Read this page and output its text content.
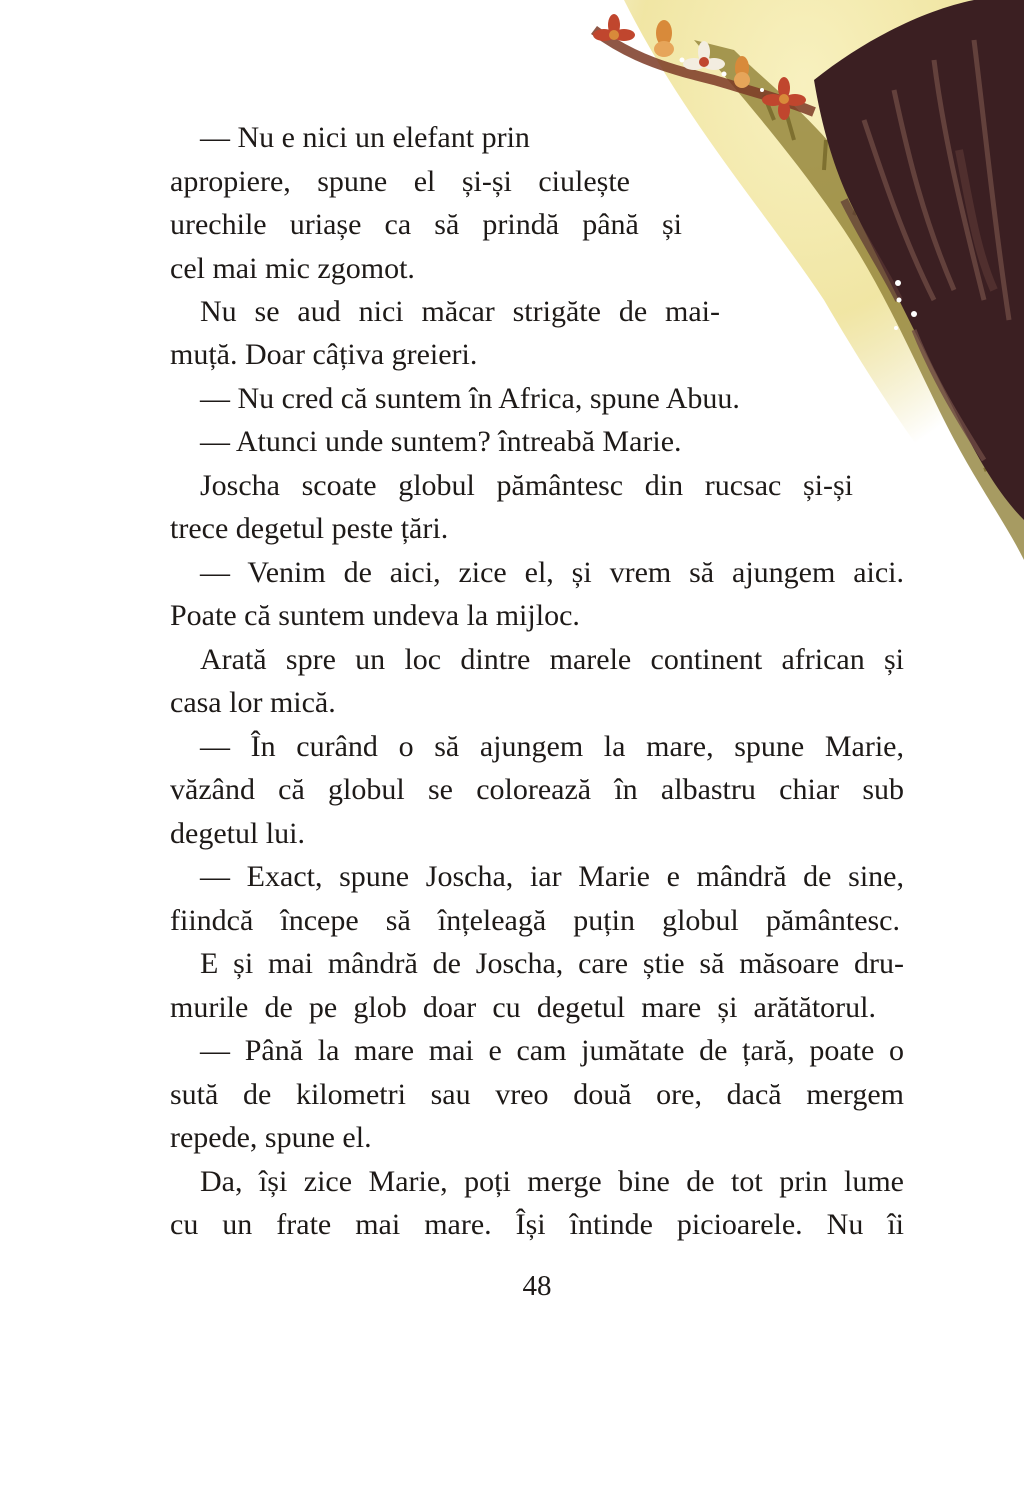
— Nu e nici un elefant prin
apropiere, spune el și-și ciulește
urechile uriașe ca să prindă până și
cel mai mic zgomot.
Nu se aud nici măcar strigăte de mai-
muță. Doar câțiva greieri.
— Nu cred că suntem în Africa, spune Abuu.
— Atunci unde suntem? întreabă Marie.
Joscha scoate globul pământesc din rucsac și-și
trece degetul peste țări.
— Venim de aici, zice el, și vrem să ajungem aici.
Poate că suntem undeva la mijloc.
Arată spre un loc dintre marele continent african și
casa lor mică.
— În curând o să ajungem la mare, spune Marie,
văzând că globul se colorează în albastru chiar sub
degetul lui.
— Exact, spune Joscha, iar Marie e mândră de sine,
fiindcă începe să înțeleagă puțin globul pământesc.
E și mai mândră de Joscha, care știe să măsoare dru-
murile de pe glob doar cu degetul mare și arătătorul.
— Până la mare mai e cam jumătate de țară, poate o
sută de kilometri sau vreo două ore, dacă mergem
repede, spune el.
Da, își zice Marie, poți merge bine de tot prin lume
cu un frate mai mare. Își întinde picioarele. Nu îi
48
